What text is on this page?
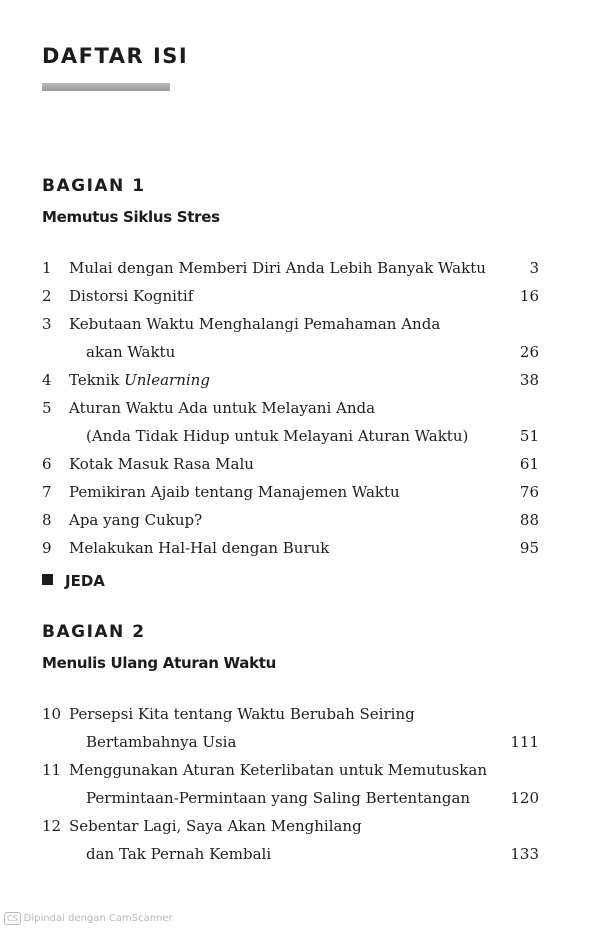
DAFTAR ISI
BAGIAN 1
Memutus Siklus Stres
1 Mulai dengan Memberi Diri Anda Lebih Banyak Waktu	3
2 Distorsi Kognitif	16
3 Kebutaan Waktu Menghalangi Pemahaman Anda
akan Waktu	26
4 Teknik Unlearning	38
5 Aturan Waktu Ada untuk Melayani Anda
(Anda Tidak Hidup untuk Melayani Aturan Waktu)	51
6 Kotak Masuk Rasa Malu	61
7 Pemikiran Ajaib tentang Manajemen Waktu	76
8 Apa yang Cukup?	88
9 Melakukan Hal-Hal dengan Buruk	95
JEDA
BAGIAN 2
Menulis Ulang Aturan Waktu
10 Persepsi Kita tentang Waktu Berubah Seiring
Bertambahnya Usia	111
11 Menggunakan Aturan Keterlibatan untuk Memutuskan
Permintaan-Permintaan yang Saling Bertentangan	120
12 Sebentar Lagi, Saya Akan Menghilang
dan Tak Pernah Kembali	133
CS Dipindai dengan CamScanner
